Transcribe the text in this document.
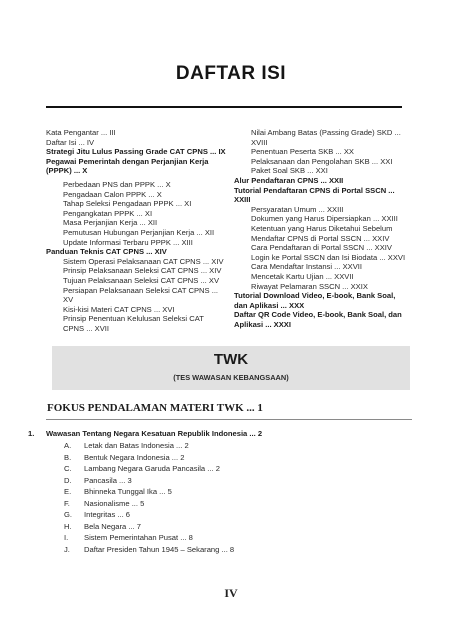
DAFTAR ISI
Kata Pengantar ... III
Daftar Isi ... IV
Strategi Jitu Lulus Passing Grade CAT CPNS ... IX
Pegawai Pemerintah dengan Perjanjian Kerja
(PPPK) ... X
Perbedaan PNS dan PPPK ... X
Pengadaan Calon PPPK ... X
Tahap Seleksi Pengadaan PPPK ... XI
Pengangkatan PPPK ... XI
Masa Perjanjian Kerja ... XII
Pemutusan Hubungan Perjanjian Kerja ... XII
Update Informasi Terbaru PPPK ... XIII
Panduan Teknis CAT CPNS ... XIV
Sistem Operasi Pelaksanaan CAT CPNS ... XIV
Prinsip Pelaksanaan Seleksi CAT CPNS ... XIV
Tujuan Pelaksanaan Seleksi CAT CPNS ... XV
Persiapan Pelaksanaan Seleksi CAT CPNS ... XV
Kisi-kisi Materi CAT CPNS ... XVI
Prinsip Penentuan Kelulusan Seleksi CAT
CPNS ... XVII
Nilai Ambang Batas (Passing Grade) SKD ... XVIII
Penentuan Peserta SKB ... XX
Pelaksanaan dan Pengolahan SKB ... XXI
Paket Soal SKB ... XXI
Alur Pendaftaran CPNS ... XXII
Tutorial Pendaftaran CPNS di Portal SSCN ... XXIII
Persyaratan Umum ... XXIII
Dokumen yang Harus Dipersiapkan ... XXIII
Ketentuan yang Harus Diketahui Sebelum
Mendaftar CPNS di Portal SSCN ... XXIV
Cara Pendaftaran di Portal SSCN ... XXIV
Login ke Portal SSCN dan Isi Biodata ... XXVI
Cara Mendaftar Instansi ... XXVII
Mencetak Kartu Ujian ... XXVII
Riwayat Pelamaran SSCN ... XXIX
Tutorial Download Video, E-book, Bank Soal,
dan Aplikasi ... XXX
Daftar QR Code Video, E-book, Bank Soal, dan
Aplikasi ... XXXI
TWK
(TES WAWASAN KEBANGSAAN)
FOKUS PENDALAMAN MATERI TWK ... 1
1. Wawasan Tentang Negara Kesatuan Republik Indonesia ... 2
A. Letak dan Batas Indonesia ... 2
B. Bentuk Negara Indonesia ... 2
C. Lambang Negara Garuda Pancasila ... 2
D. Pancasila ... 3
E. Bhinneka Tunggal Ika ... 5
F. Nasionalisme ... 5
G. Integritas ... 6
H. Bela Negara ... 7
I. Sistem Pemerintahan Pusat ... 8
J. Daftar Presiden Tahun 1945 – Sekarang ... 8
IV
